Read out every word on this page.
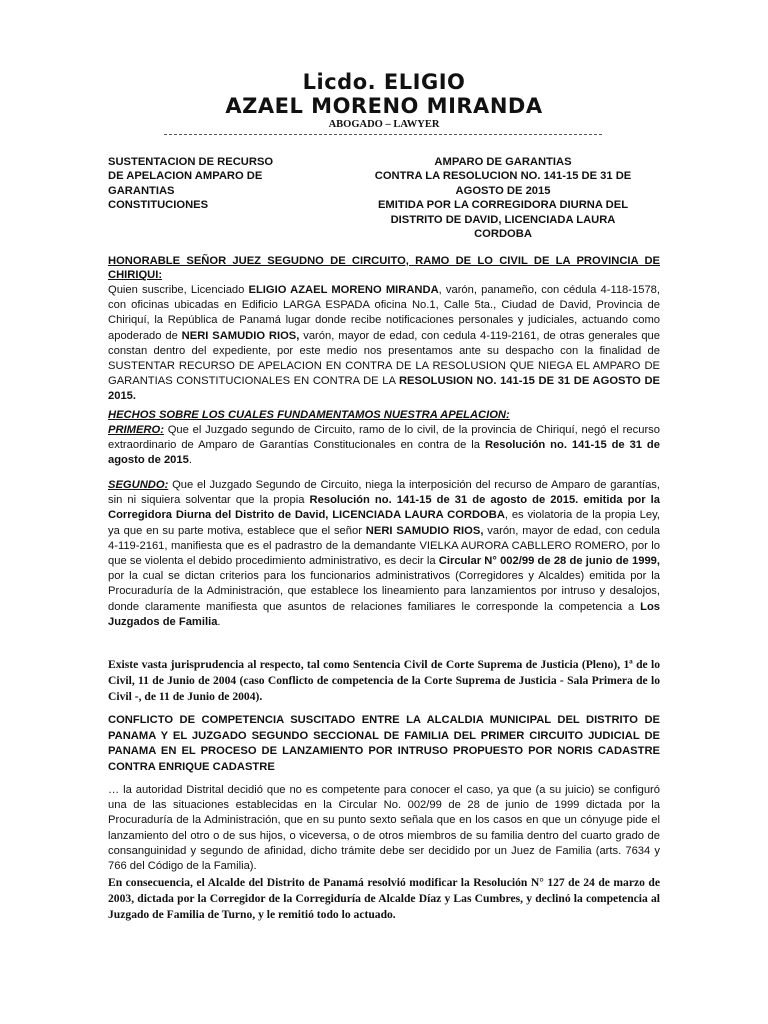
Licdo. ELIGIO
AZAEL MORENO MIRANDA
ABOGADO – LAWYER
SUSTENTACION DE RECURSO
DE APELACION AMPARO DE
GARANTIAS
CONSTITUCIONES
AMPARO DE GARANTIAS
CONTRA LA RESOLUCION NO. 141-15 DE 31 DE
AGOSTO DE 2015
EMITIDA POR LA CORREGIDORA DIURNA DEL
DISTRITO DE DAVID, LICENCIADA LAURA
CORDOBA
HONORABLE SEÑOR JUEZ SEGUDNO DE CIRCUITO, RAMO DE LO CIVIL DE LA PROVINCIA DE CHIRIQUI:
Quien suscribe, Licenciado ELIGIO AZAEL MORENO MIRANDA, varón, panameño, con cédula 4-118-1578, con oficinas ubicadas en Edificio LARGA ESPADA oficina No.1, Calle 5ta., Ciudad de David, Provincia de Chiriquí, la República de Panamá lugar donde recibe notificaciones personales y judiciales, actuando como apoderado de NERI SAMUDIO RIOS, varón, mayor de edad, con cedula 4-119-2161, de otras generales que constan dentro del expediente, por este medio nos presentamos ante su despacho con la finalidad de SUSTENTAR RECURSO DE APELACION EN CONTRA DE LA RESOLUSION QUE NIEGA EL AMPARO DE GARANTIAS CONSTITUCIONALES EN CONTRA DE LA RESOLUSION NO. 141-15 DE 31 DE AGOSTO DE 2015.
HECHOS SOBRE LOS CUALES FUNDAMENTAMOS NUESTRA APELACION:
PRIMERO: Que el Juzgado segundo de Circuito, ramo de lo civil, de la provincia de Chiriquí, negó el recurso extraordinario de Amparo de Garantías Constitucionales en contra de la Resolución no. 141-15 de 31 de agosto de 2015.
SEGUNDO: Que el Juzgado Segundo de Circuito, niega la interposición del recurso de Amparo de garantías, sin ni siquiera solventar que la propia Resolución no. 141-15 de 31 de agosto de 2015. emitida por la Corregidora Diurna del Distrito de David, LICENCIADA LAURA CORDOBA, es violatoria de la propia Ley, ya que en su parte motiva, establece que el señor NERI SAMUDIO RIOS, varón, mayor de edad, con cedula 4-119-2161, manifiesta que es el padrastro de la demandante VIELKA AURORA CABLLERO ROMERO, por lo que se violenta el debido procedimiento administrativo, es decir la Circular N° 002/99 de 28 de junio de 1999, por la cual se dictan criterios para los funcionarios administrativos (Corregidores y Alcaldes) emitida por la Procuraduría de la Administración, que establece los lineamiento para lanzamientos por intruso y desalojos, donde claramente manifiesta que asuntos de relaciones familiares le corresponde la competencia a Los Juzgados de Familia.
Existe vasta jurisprudencia al respecto, tal como Sentencia Civil de Corte Suprema de Justicia (Pleno), 1ª de lo Civil, 11 de Junio de 2004 (caso Conflicto de competencia de la Corte Suprema de Justicia - Sala Primera de lo Civil -, de 11 de Junio de 2004).
CONFLICTO DE COMPETENCIA SUSCITADO ENTRE LA ALCALDIA MUNICIPAL DEL DISTRITO DE PANAMA Y EL JUZGADO SEGUNDO SECCIONAL DE FAMILIA DEL PRIMER CIRCUITO JUDICIAL DE PANAMA EN EL PROCESO DE LANZAMIENTO POR INTRUSO PROPUESTO POR NORIS CADASTRE CONTRA ENRIQUE CADASTRE
… la autoridad Distrital decidió que no es competente para conocer el caso, ya que (a su juicio) se configuró una de las situaciones establecidas en la Circular No. 002/99 de 28 de junio de 1999 dictada por la Procuraduría de la Administración, que en su punto sexto señala que en los casos en que un cónyuge pide el lanzamiento del otro o de sus hijos, o viceversa, o de otros miembros de su familia dentro del cuarto grado de consanguinidad y segundo de afinidad, dicho trámite debe ser decidido por un Juez de Familia (arts. 7634 y 766 del Código de la Familia).
En consecuencia, el Alcalde del Distrito de Panamá resolvió modificar la Resolución N° 127 de 24 de marzo de 2003, dictada por la Corregidor de la Corregiduría de Alcalde Díaz y Las Cumbres, y declinó la competencia al Juzgado de Familia de Turno, y le remitió todo lo actuado.
